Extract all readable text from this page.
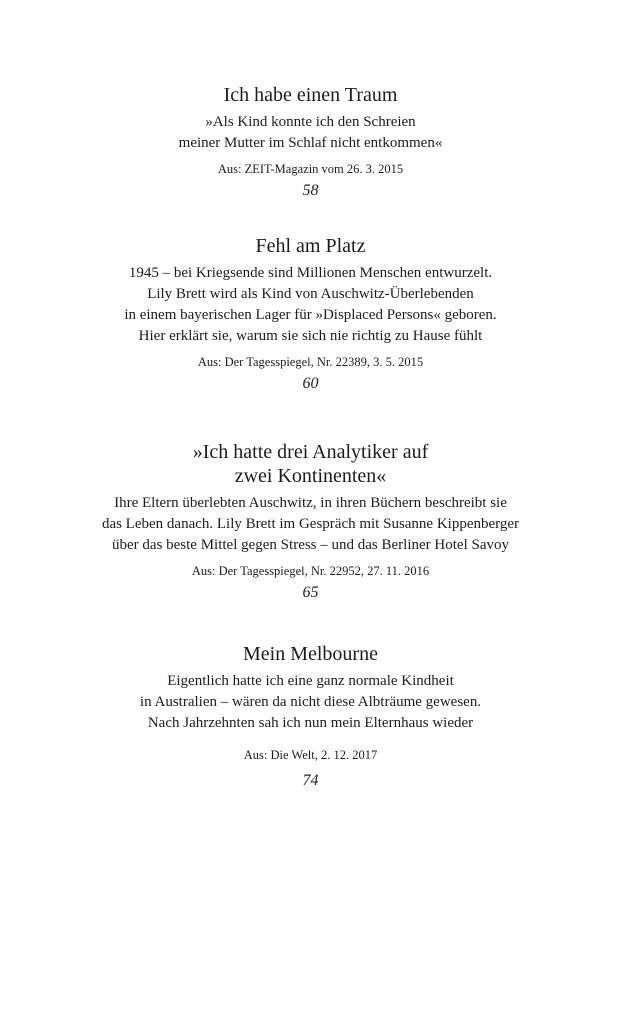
Ich habe einen Traum
»Als Kind konnte ich den Schreien
meiner Mutter im Schlaf nicht entkommen«
Aus: ZEIT-Magazin vom 26. 3. 2015
58
Fehl am Platz
1945 – bei Kriegsende sind Millionen Menschen entwurzelt.
Lily Brett wird als Kind von Auschwitz-Überlebenden
in einem bayerischen Lager für »Displaced Persons« geboren.
Hier erklärt sie, warum sie sich nie richtig zu Hause fühlt
Aus: Der Tagesspiegel, Nr. 22389, 3. 5. 2015
60
»Ich hatte drei Analytiker auf
zwei Kontinenten«
Ihre Eltern überlebten Auschwitz, in ihren Büchern beschreibt sie
das Leben danach. Lily Brett im Gespräch mit Susanne Kippenberger
über das beste Mittel gegen Stress – und das Berliner Hotel Savoy
Aus: Der Tagesspiegel, Nr. 22952, 27. 11. 2016
65
Mein Melbourne
Eigentlich hatte ich eine ganz normale Kindheit
in Australien – wären da nicht diese Albträume gewesen.
Nach Jahrzehnten sah ich nun mein Elternhaus wieder
Aus: Die Welt, 2. 12. 2017
74
